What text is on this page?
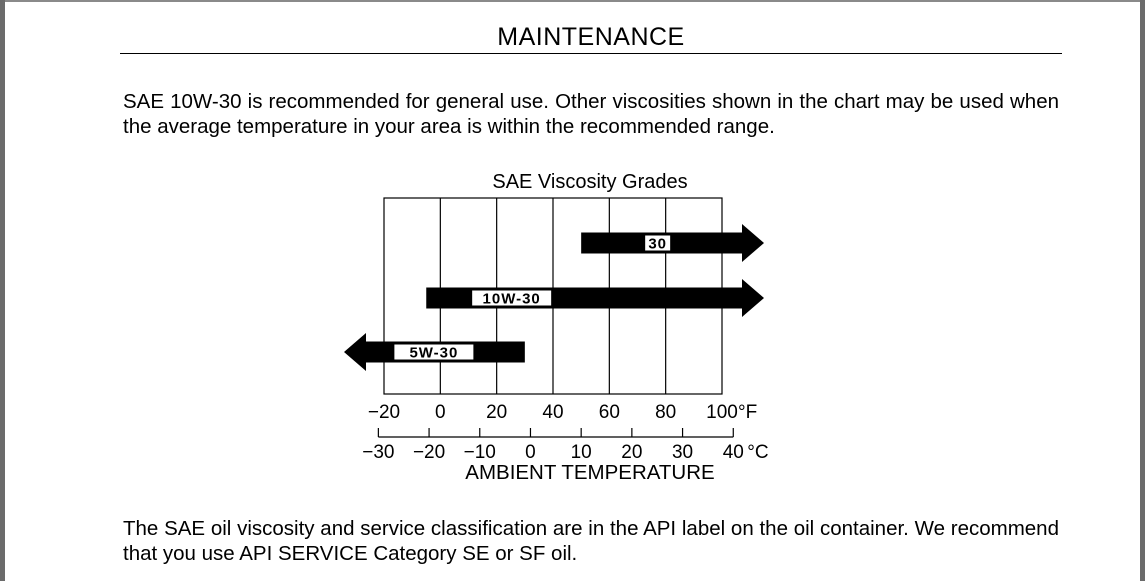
MAINTENANCE
SAE 10W-30 is recommended for general use. Other viscosities shown in the chart may be used when the average temperature in your area is within the recommended range.
SAE Viscosity Grades
−20 0 20 40 60 80 100 °F
−30 −20 −10 0 10 20 30 40 °C
30
10W-30
5W-30
AMBIENT TEMPERATURE
The SAE oil viscosity and service classification are in the API label on the oil container. We recommend that you use API SERVICE Category SE or SF oil.
